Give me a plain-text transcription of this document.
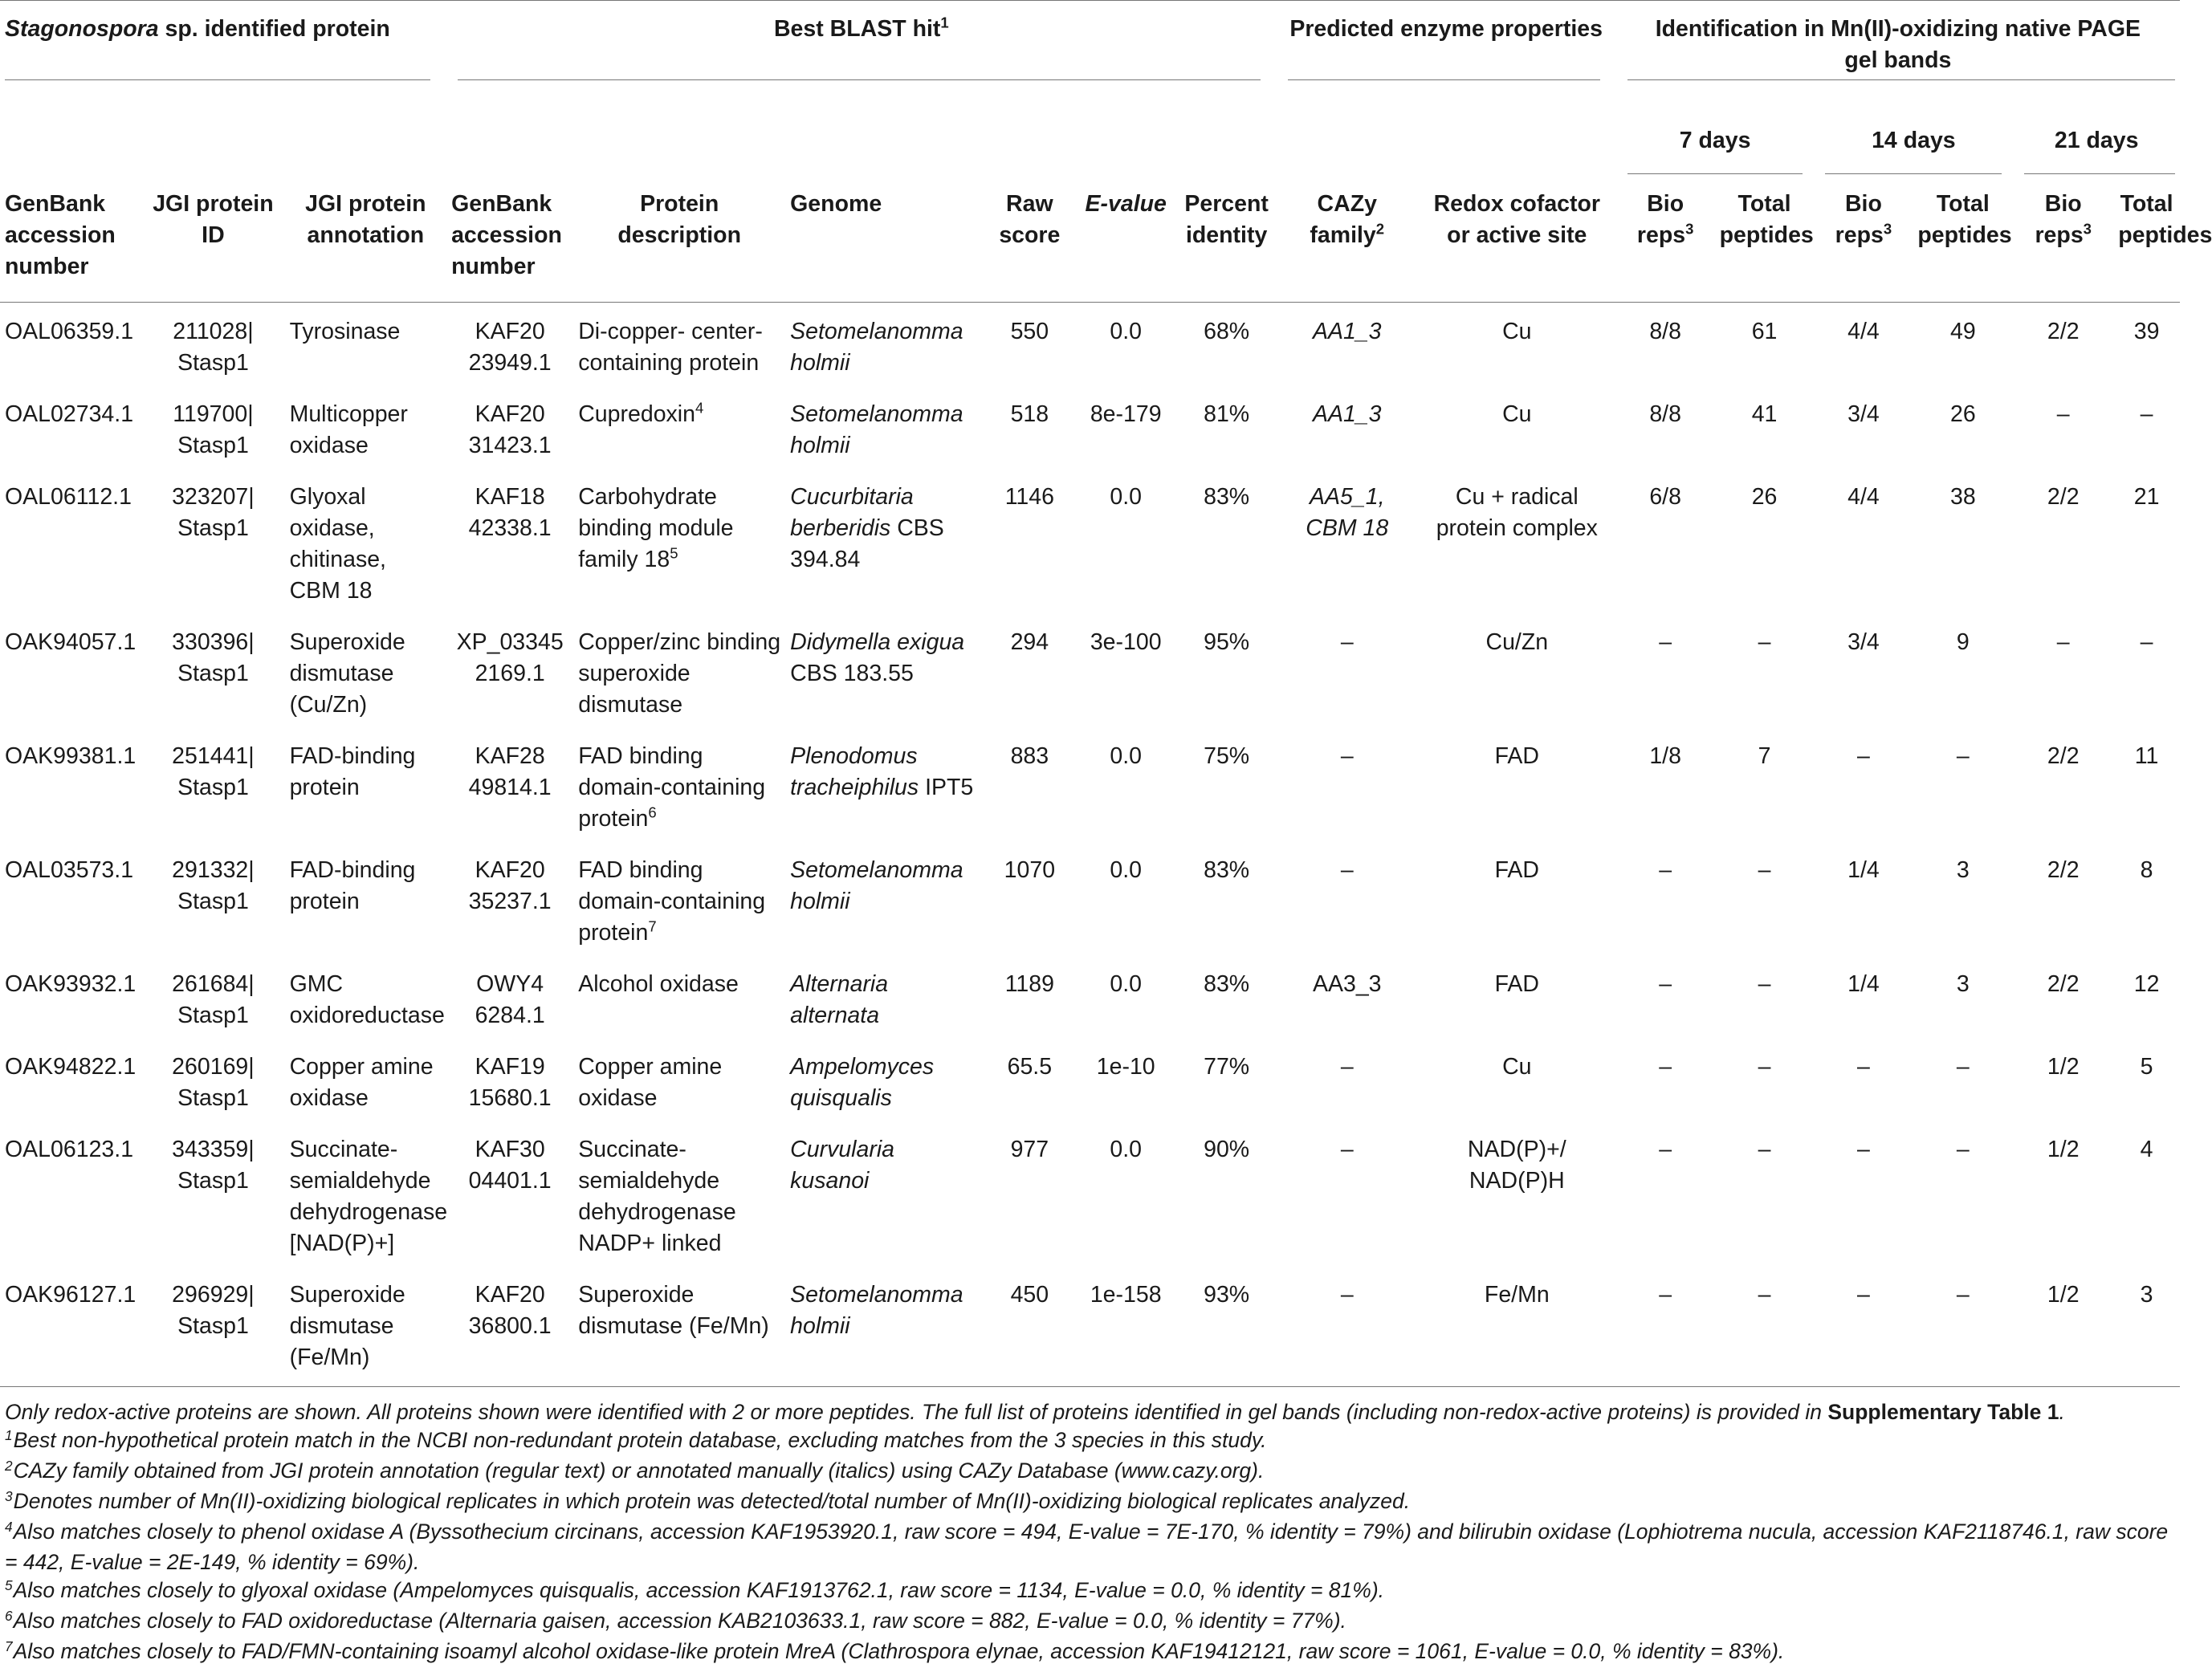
Stagonospora sp. identified protein			Best BLAST hit$^1$						Predicted enzyme properties		Identification in Mn(II)-oxidizing native PAGE gel bands					

											7 days		14 days		21 days	

GenBank accession number	JGI protein ID	JGI protein annotation	GenBank accession number	Protein description	Genome	Raw score	E-value	Percent identity	CAZy family$^2$	Redox cofactor or active site	Bio reps$^3$	Total peptides	Bio reps$^3$	Total peptides	Bio reps$^3$	Total peptides
OAL06359.1	211028| Stasp1	Tyrosinase	KAF20 23949.1	Di-copper- center-containing protein	Setomelanomma holmii	550	0.0	68%	AA1_3	Cu	8/8	61	4/4	49	2/2	39
OAL02734.1	119700| Stasp1	Multicopper oxidase	KAF20 31423.1	Cupredoxin$^4$	Setomelanomma holmii	518	8e-179	81%	AA1_3	Cu	8/8	41	3/4	26	–	–
OAL06112.1	323207| Stasp1	Glyoxal oxidase, chitinase, CBM 18	KAF18 42338.1	Carbohydrate binding module family $18^5$	Cucurbitaria berberidis CBS 394.84	1146	0.0	83%	AA5_1, CBM 18	Cu + radical protein complex	6/8	26	4/4	38	2/2	21
OAK94057.1	330396| Stasp1	Superoxide dismutase (Cu/Zn)	XP_03345 2169.1	Copper/zinc binding superoxide dismutase	Didymella exigua CBS 183.55	294	3e-100	95%	–	Cu/Zn	–	–	3/4	9	–	–
OAK99381.1	251441| Stasp1	FAD-binding protein	KAF28 49814.1	FAD binding domain-containing protein$^6$	Plenodomus tracheiphilus IPT5	883	0.0	75%	–	FAD	1/8	7	–	–	2/2	11
OAL03573.1	291332| Stasp1	FAD-binding protein	KAF20 35237.1	FAD binding domain-containing protein$^7$	Setomelanomma holmii	1070	0.0	83%	–	FAD	–	–	1/4	3	2/2	8
OAK93932.1	261684| Stasp1	GMC oxidoreductase	OWY4 6284.1	Alcohol oxidase	Alternaria alternata	1189	0.0	83%	AA3_3	FAD	–	–	1/4	3	2/2	12
OAK94822.1	260169| Stasp1	Copper amine oxidase	KAF19 15680.1	Copper amine oxidase	Ampelomyces quisqualis	65.5	1e-10	77%	–	Cu	–	–	–	–	1/2	5
OAL06123.1	343359| Stasp1	Succinate-semialdehyde dehydrogenase [NAD(P)+]	KAF30 04401.1	Succinate-semialdehyde dehydrogenase NADP+ linked	Curvularia kusanoi	977	0.0	90%	–	NAD(P)+/ NAD(P)H	–	–	–	–	1/2	4
OAK96127.1	296929| Stasp1	Superoxide dismutase (Fe/Mn)	KAF20 36800.1	Superoxide dismutase (Fe/Mn)	Setomelanomma holmii	450	1e-158	93%	–	Fe/Mn	–	–	–	–	1/2	3
Only redox-active proteins are shown. All proteins shown were identified with 2 or more peptides. The full list of proteins identified in gel bands (including non-redox-active proteins) is provided in Supplementary Table 1.
$^1$Best non-hypothetical protein match in the NCBI non-redundant protein database, excluding matches from the 3 species in this study.
$^2$CAZy family obtained from JGI protein annotation (regular text) or annotated manually (italics) using CAZy Database (www.cazy.org).
$^3$Denotes number of Mn(II)-oxidizing biological replicates in which protein was detected/total number of Mn(II)-oxidizing biological replicates analyzed.
$^4$Also matches closely to phenol oxidase A (Byssothecium circinans, accession KAF1953920.1, raw score = 494, E-value = 7E-170, % identity = 79%) and bilirubin oxidase (Lophiotrema nucula, accession KAF2118746.1, raw score = 442, E-value = 2E-149, % identity = 69%).
$^5$Also matches closely to glyoxal oxidase (Ampelomyces quisqualis, accession KAF1913762.1, raw score = 1134, E-value = 0.0, % identity = 81%).
$^6$Also matches closely to FAD oxidoreductase (Alternaria gaisen, accession KAB2103633.1, raw score = 882, E-value = 0.0, % identity = 77%).
$^7$Also matches closely to FAD/FMN-containing isoamyl alcohol oxidase-like protein MreA (Clathrospora elynae, accession KAF19412121, raw score = 1061, E-value = 0.0, % identity = 83%).
